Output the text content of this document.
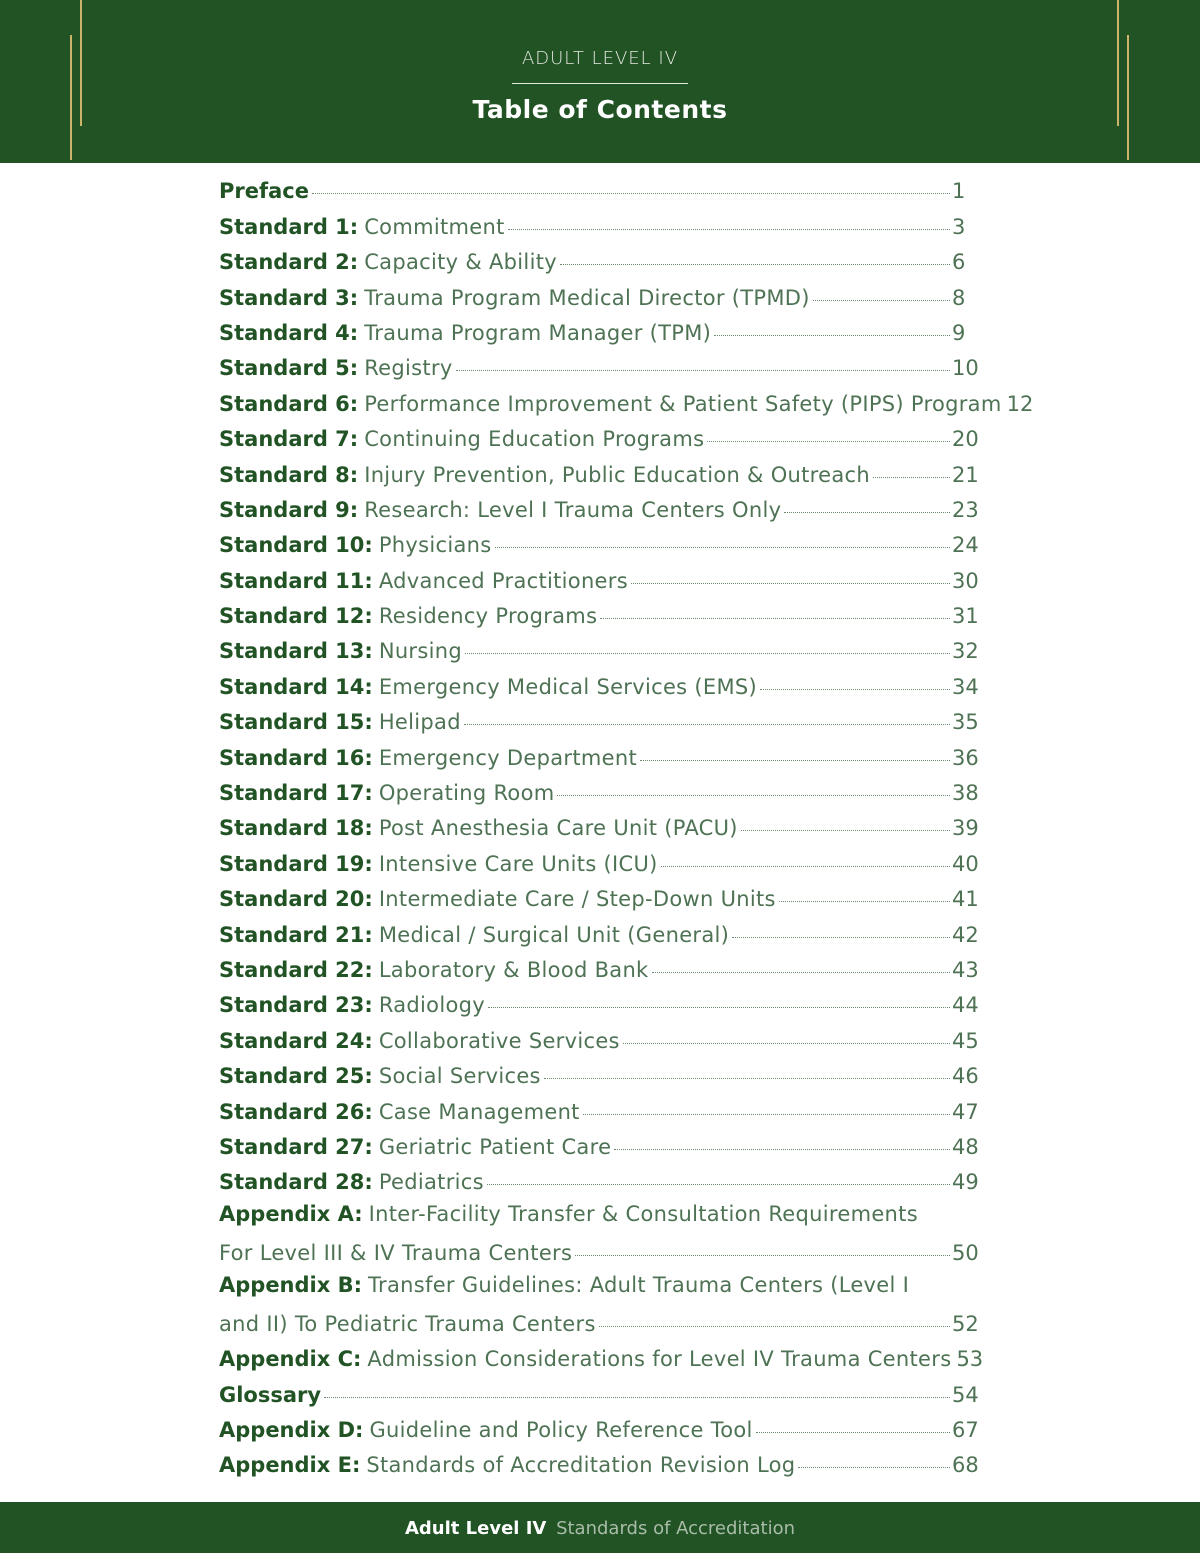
ADULT LEVEL IV
Table of Contents
Preface	1
Standard 1: Commitment	3
Standard 2: Capacity & Ability	6
Standard 3: Trauma Program Medical Director (TPMD)	8
Standard 4: Trauma Program Manager (TPM)	9
Standard 5: Registry	10
Standard 6: Performance Improvement & Patient Safety (PIPS) Program 12
Standard 7: Continuing Education Programs	20
Standard 8: Injury Prevention, Public Education & Outreach	21
Standard 9: Research: Level I Trauma Centers Only	23
Standard 10: Physicians	24
Standard 11: Advanced Practitioners	30
Standard 12: Residency Programs	31
Standard 13: Nursing	32
Standard 14: Emergency Medical Services (EMS)	34
Standard 15: Helipad	35
Standard 16: Emergency Department	36
Standard 17: Operating Room	38
Standard 18: Post Anesthesia Care Unit (PACU)	39
Standard 19: Intensive Care Units (ICU)	40
Standard 20: Intermediate Care / Step-Down Units	41
Standard 21: Medical / Surgical Unit (General)	42
Standard 22: Laboratory & Blood Bank	43
Standard 23: Radiology	44
Standard 24: Collaborative Services	45
Standard 25: Social Services	46
Standard 26: Case Management	47
Standard 27: Geriatric Patient Care	48
Standard 28: Pediatrics	49
Appendix A: Inter-Facility Transfer & Consultation Requirements
For Level III & IV Trauma Centers	50
Appendix B: Transfer Guidelines: Adult Trauma Centers (Level I
and II) To Pediatric Trauma Centers	52
Appendix C: Admission Considerations for Level IV Trauma Centers 53
Glossary	54
Appendix D: Guideline and Policy Reference Tool	67
Appendix E: Standards of Accreditation Revision Log	68
Adult Level IV Standards of Accreditation
